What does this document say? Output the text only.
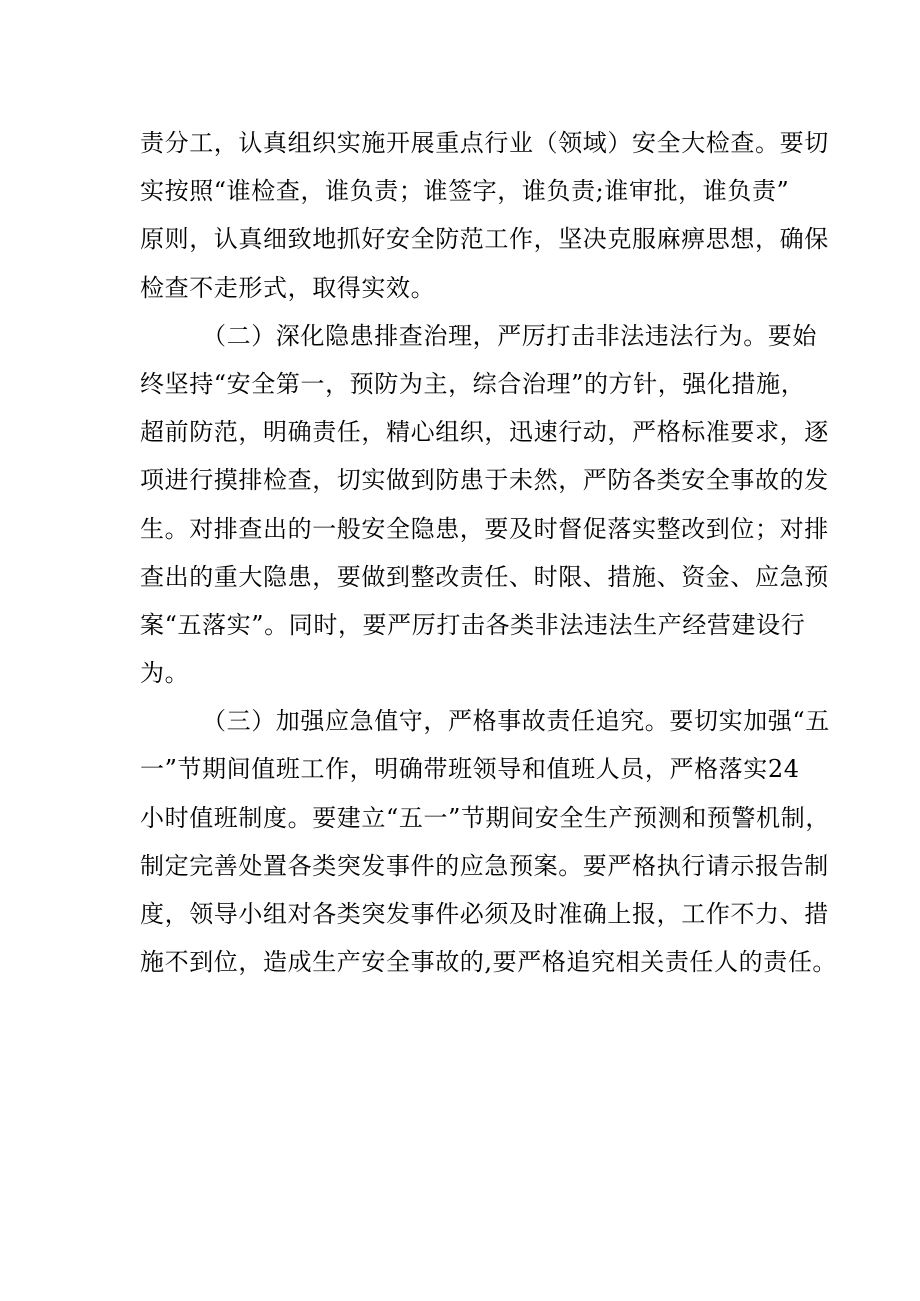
责分工，认真组织实施开展重点行业（领域）安全大检查。要切
实按照“谁检查，谁负责；谁签字，谁负责;谁审批，谁负责”
原则，认真细致地抓好安全防范工作，坚决克服麻痹思想，确保
检查不走形式，取得实效。
（二）深化隐患排查治理，严厉打击非法违法行为。要始
终坚持“安全第一，预防为主，综合治理”的方针，强化措施，
超前防范，明确责任，精心组织，迅速行动，严格标准要求，逐
项进行摸排检查，切实做到防患于未然，严防各类安全事故的发
生。对排查出的一般安全隐患，要及时督促落实整改到位；对排
查出的重大隐患，要做到整改责任、时限、措施、资金、应急预
案“五落实”。同时，要严厉打击各类非法违法生产经营建设行
为。
（三）加强应急值守，严格事故责任追究。要切实加强“五
一”节期间值班工作，明确带班领导和值班人员，严格落实24
小时值班制度。要建立“五一”节期间安全生产预测和预警机制，
制定完善处置各类突发事件的应急预案。要严格执行请示报告制
度，领导小组对各类突发事件必须及时准确上报，工作不力、措
施不到位，造成生产安全事故的,要严格追究相关责任人的责任。
